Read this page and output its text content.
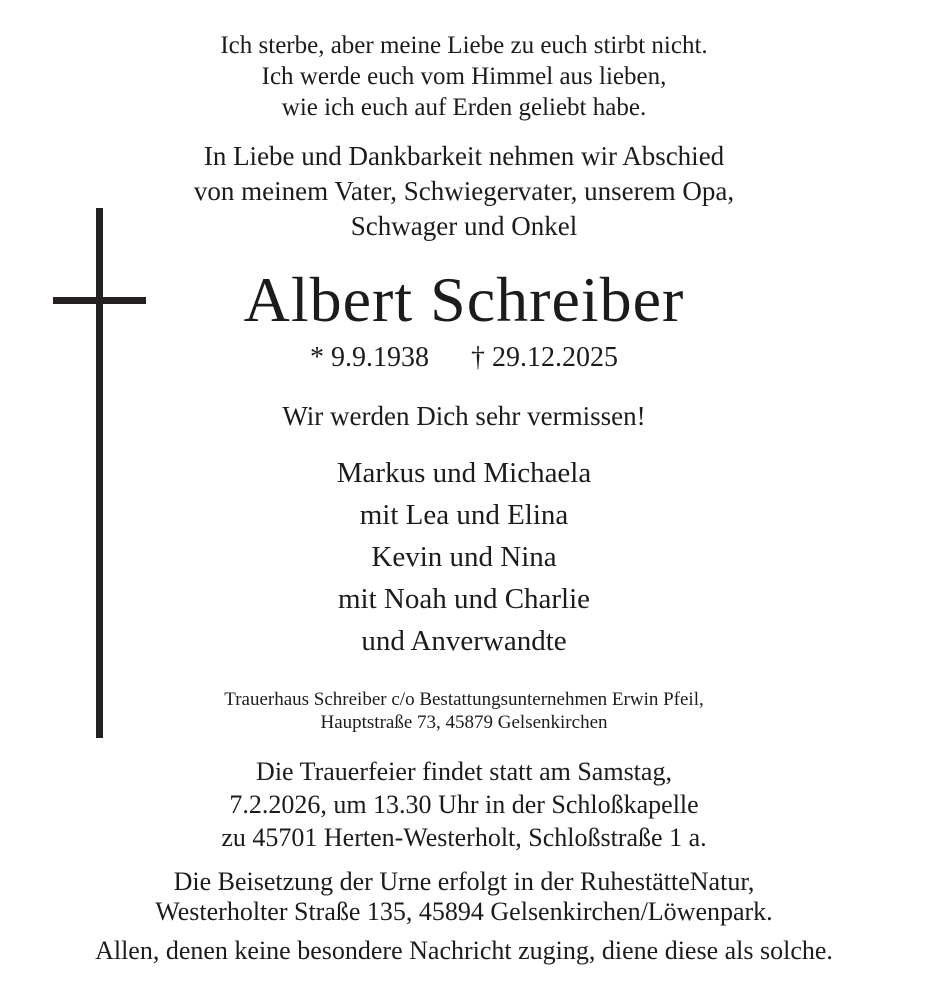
Ich sterbe, aber meine Liebe zu euch stirbt nicht.
Ich werde euch vom Himmel aus lieben,
wie ich euch auf Erden geliebt habe.
In Liebe und Dankbarkeit nehmen wir Abschied
von meinem Vater, Schwiegervater, unserem Opa,
Schwager und Onkel
Albert Schreiber
* 9.9.1938 † 29.12.2025
Wir werden Dich sehr vermissen!
Markus und Michaela
mit Lea und Elina
Kevin und Nina
mit Noah und Charlie
und Anverwandte
Trauerhaus Schreiber c/o Bestattungsunternehmen Erwin Pfeil,
Hauptstraße 73, 45879 Gelsenkirchen
Die Trauerfeier findet statt am Samstag,
7.2.2026, um 13.30 Uhr in der Schloßkapelle
zu 45701 Herten-Westerholt, Schloßstraße 1 a.
Die Beisetzung der Urne erfolgt in der RuhestätteNatur,
Westerholter Straße 135, 45894 Gelsenkirchen/Löwenpark.
Allen, denen keine besondere Nachricht zuging, diene diese als solche.
